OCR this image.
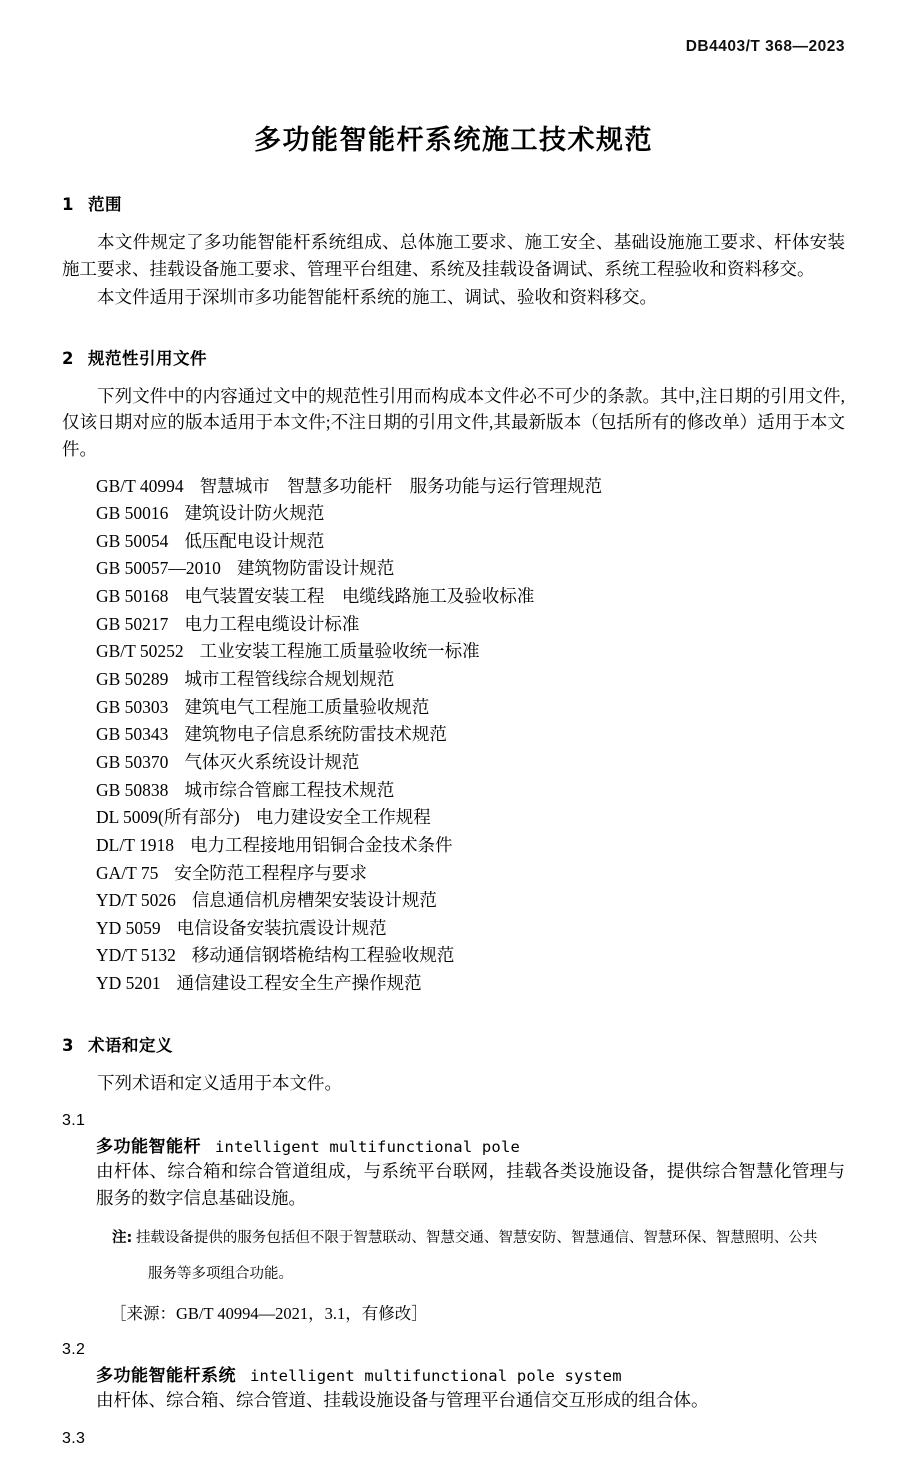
DB4403/T 368—2023
多功能智能杆系统施工技术规范
1 范围

本文件规定了多功能智能杆系统组成、总体施工要求、施工安全、基础设施施工要求、杆体安装施工要求、挂载设备施工要求、管理平台组建、系统及挂载设备调试、系统工程验收和资料移交。

本文件适用于深圳市多功能智能杆系统的施工、调试、验收和资料移交。

2 规范性引用文件

下列文件中的内容通过文中的规范性引用而构成本文件必不可少的条款。其中,注日期的引用文件,仅该日期对应的版本适用于本文件;不注日期的引用文件,其最新版本（包括所有的修改单）适用于本文件。

GB/T 40994 智慧城市　智慧多功能杆　服务功能与运行管理规范
GB 50016 建筑设计防火规范
GB 50054 低压配电设计规范
GB 50057—2010 建筑物防雷设计规范
GB 50168 电气装置安装工程　电缆线路施工及验收标准
GB 50217 电力工程电缆设计标准
GB/T 50252 工业安装工程施工质量验收统一标准
GB 50289 城市工程管线综合规划规范
GB 50303 建筑电气工程施工质量验收规范
GB 50343 建筑物电子信息系统防雷技术规范
GB 50370 气体灭火系统设计规范
GB 50838 城市综合管廊工程技术规范
DL 5009(所有部分) 电力建设安全工作规程
DL/T 1918 电力工程接地用铝铜合金技术条件
GA/T 75 安全防范工程程序与要求
YD/T 5026 信息通信机房槽架安装设计规范
YD 5059 电信设备安装抗震设计规范
YD/T 5132 移动通信钢塔桅结构工程验收规范
YD 5201 通信建设工程安全生产操作规范
3 术语和定义

下列术语和定义适用于本文件。

3.1
多功能智能杆 intelligent multifunctional pole

由杆体、综合箱和综合管道组成，与系统平台联网，挂载各类设施设备，提供综合智慧化管理与服务的数字信息基础设施。

注: 挂载设备提供的服务包括但不限于智慧联动、智慧交通、智慧安防、智慧通信、智慧环保、智慧照明、公共

服务等多项组合功能。

［来源：GB/T 40994—2021，3.1，有修改］

3.2
多功能智能杆系统 intelligent multifunctional pole system

由杆体、综合箱、综合管道、挂载设施设备与管理平台通信交互形成的组合体。

3.3
